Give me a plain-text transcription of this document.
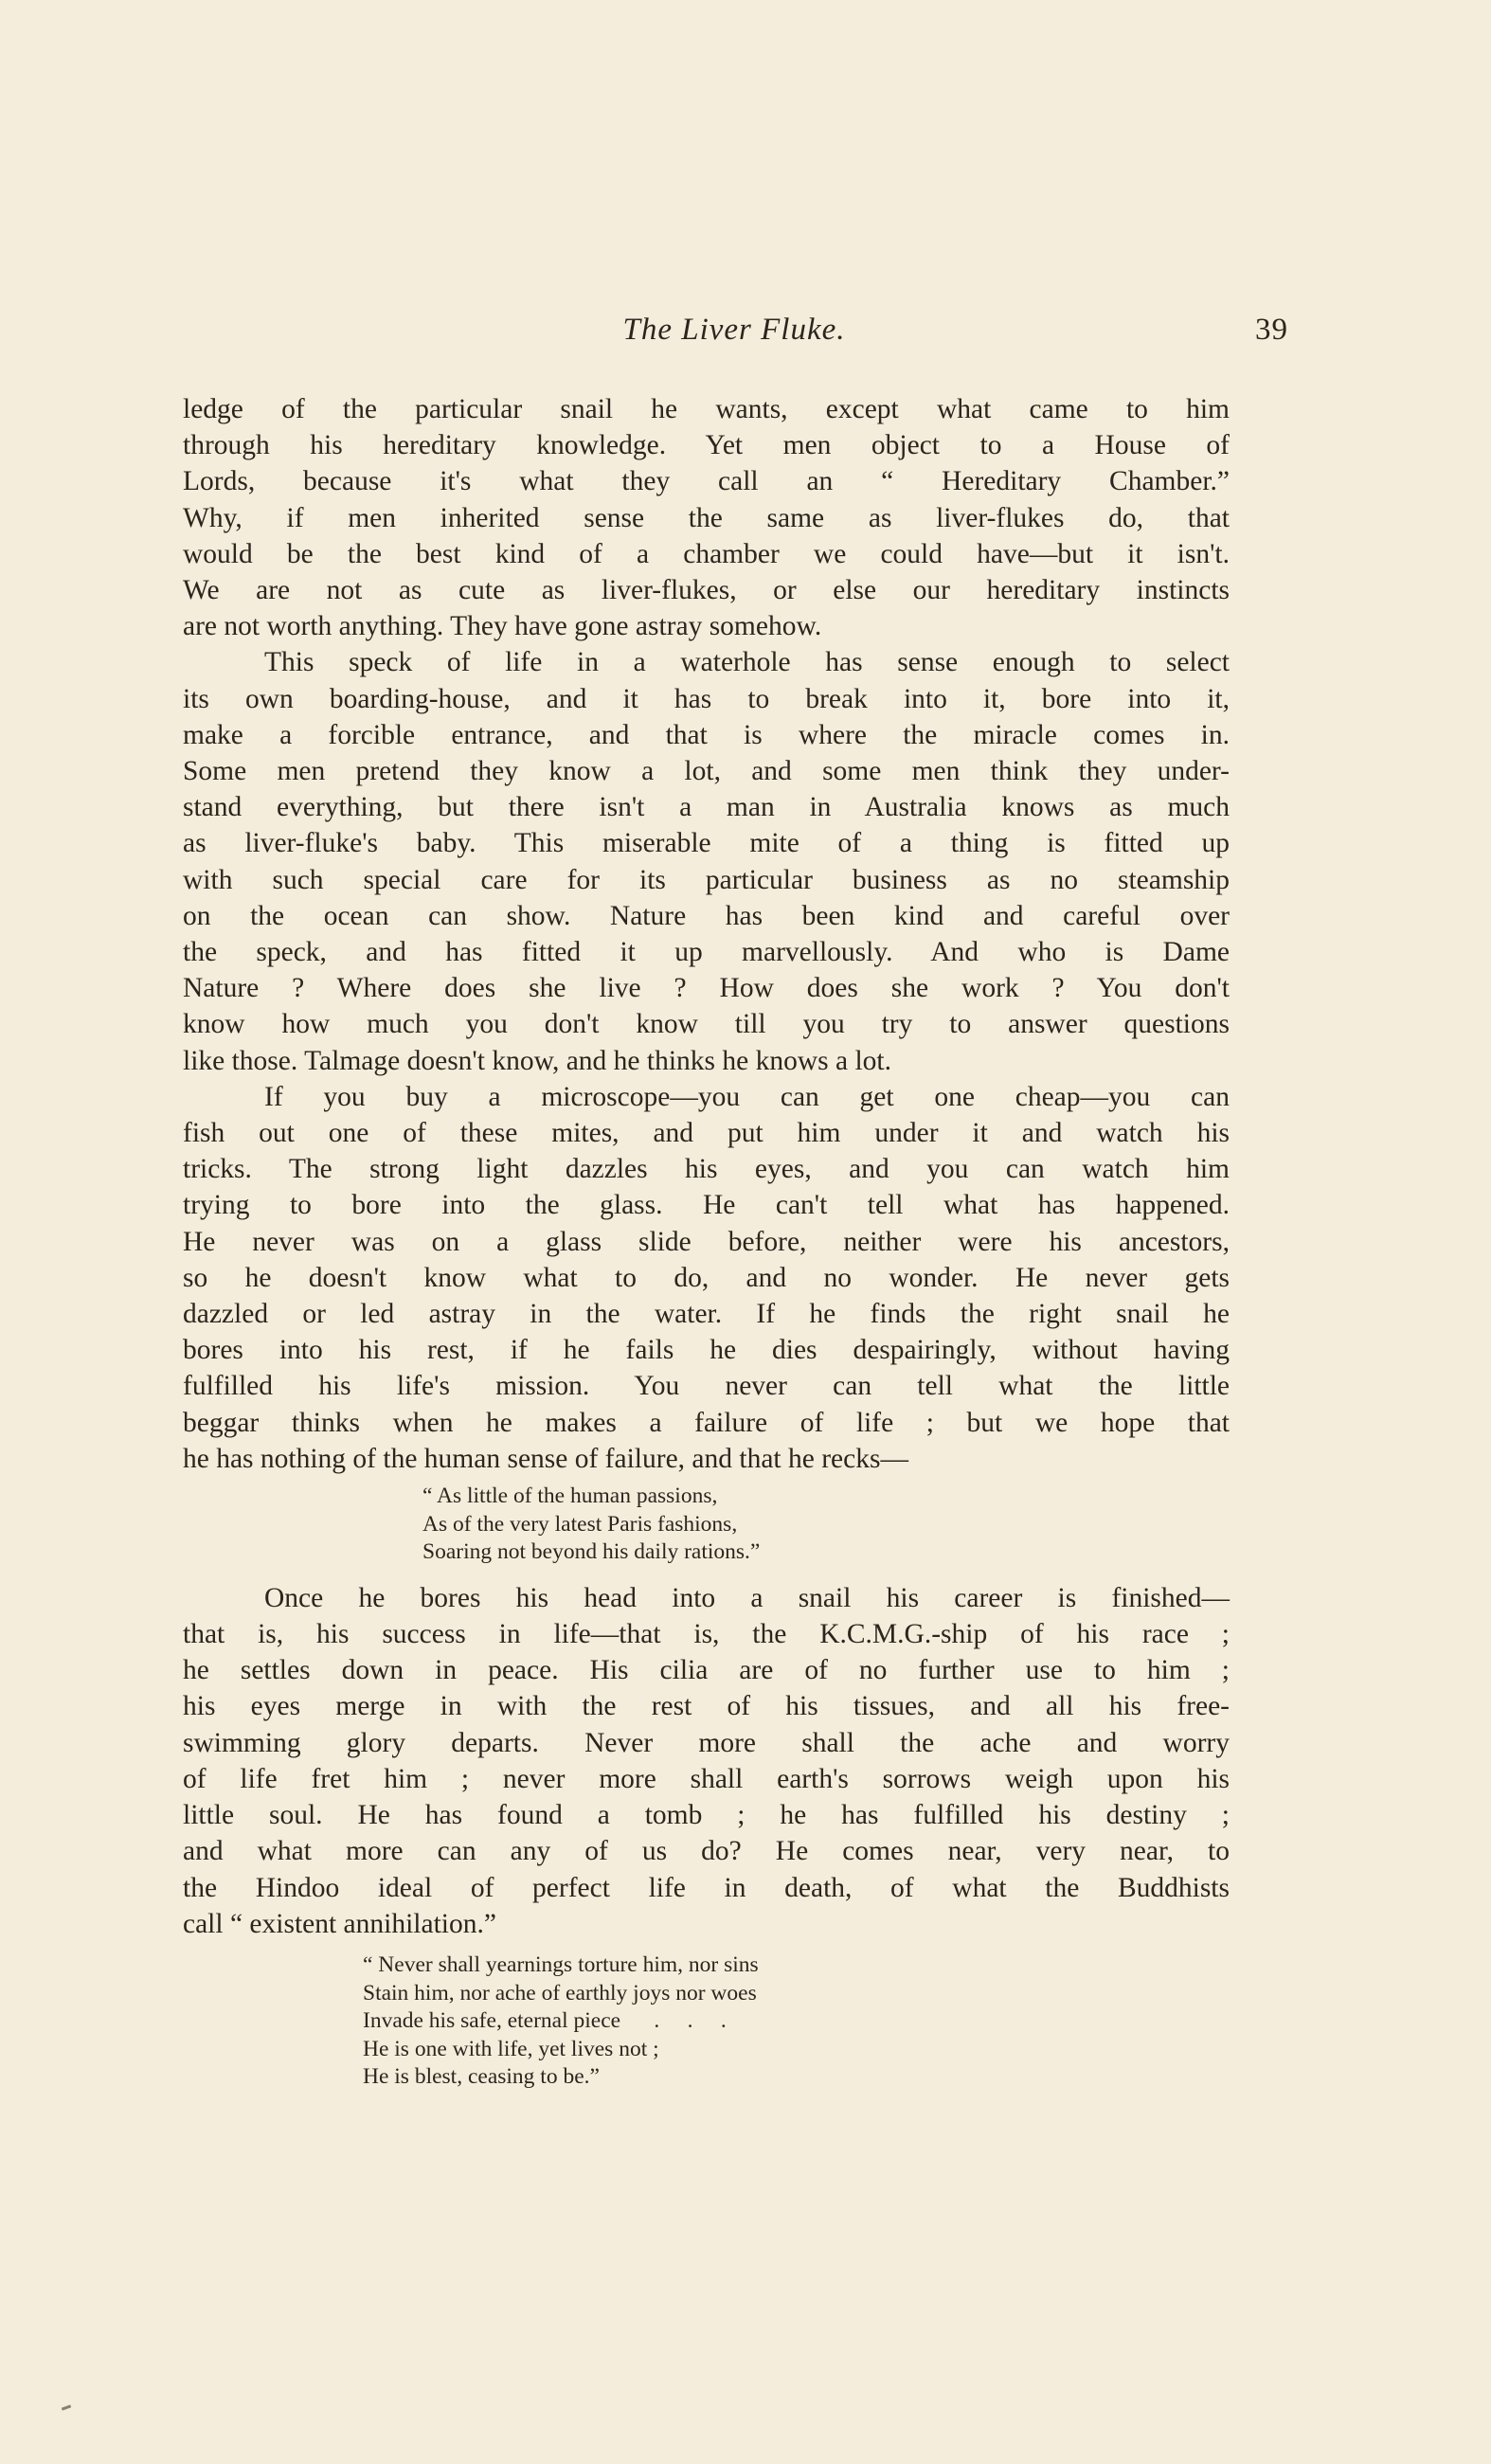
The Liver Fluke.	39

ledge of the particular snail he wants, except what came to him
through his hereditary knowledge. Yet men object to a House of
Lords, because it's what they call an “ Hereditary Chamber.”
Why, if men inherited sense the same as liver-flukes do, that
would be the best kind of a chamber we could have—but it isn't.
We are not as cute as liver-flukes, or else our hereditary instincts
are not worth anything. They have gone astray somehow.

This speck of life in a waterhole has sense enough to select
its own boarding-house, and it has to break into it, bore into it,
make a forcible entrance, and that is where the miracle comes in.
Some men pretend they know a lot, and some men think they under-
stand everything, but there isn't a man in Australia knows as much
as liver-fluke's baby. This miserable mite of a thing is fitted up
with such special care for its particular business as no steamship
on the ocean can show. Nature has been kind and careful over
the speck, and has fitted it up marvellously. And who is Dame
Nature ? Where does she live ? How does she work ? You don't
know how much you don't know till you try to answer questions
like those. Talmage doesn't know, and he thinks he knows a lot.

If you buy a microscope—you can get one cheap—you can
fish out one of these mites, and put him under it and watch his
tricks. The strong light dazzles his eyes, and you can watch him
trying to bore into the glass. He can't tell what has happened.
He never was on a glass slide before, neither were his ancestors,
so he doesn't know what to do, and no wonder. He never gets
dazzled or led astray in the water. If he finds the right snail he
bores into his rest, if he fails he dies despairingly, without having
fulfilled his life's mission. You never can tell what the little
beggar thinks when he makes a failure of life ; but we hope that
he has nothing of the human sense of failure, and that he recks—

“ As little of the human passions,
As of the very latest Paris fashions,
Soaring not beyond his daily rations.”

Once he bores his head into a snail his career is finished—
that is, his success in life—that is, the K.C.M.G.-ship of his race ;
he settles down in peace. His cilia are of no further use to him ;
his eyes merge in with the rest of his tissues, and all his free-
swimming glory departs. Never more shall the ache and worry
of life fret him ; never more shall earth's sorrows weigh upon his
little soul. He has found a tomb ; he has fulfilled his destiny ;
and what more can any of us do? He comes near, very near, to
the Hindoo ideal of perfect life in death, of what the Buddhists
call “ existent annihilation.”

“ Never shall yearnings torture him, nor sins
Stain him, nor ache of earthly joys nor woes
Invade his safe, eternal piece      .     .     .
He is one with life, yet lives not ;
He is blest, ceasing to be.”
